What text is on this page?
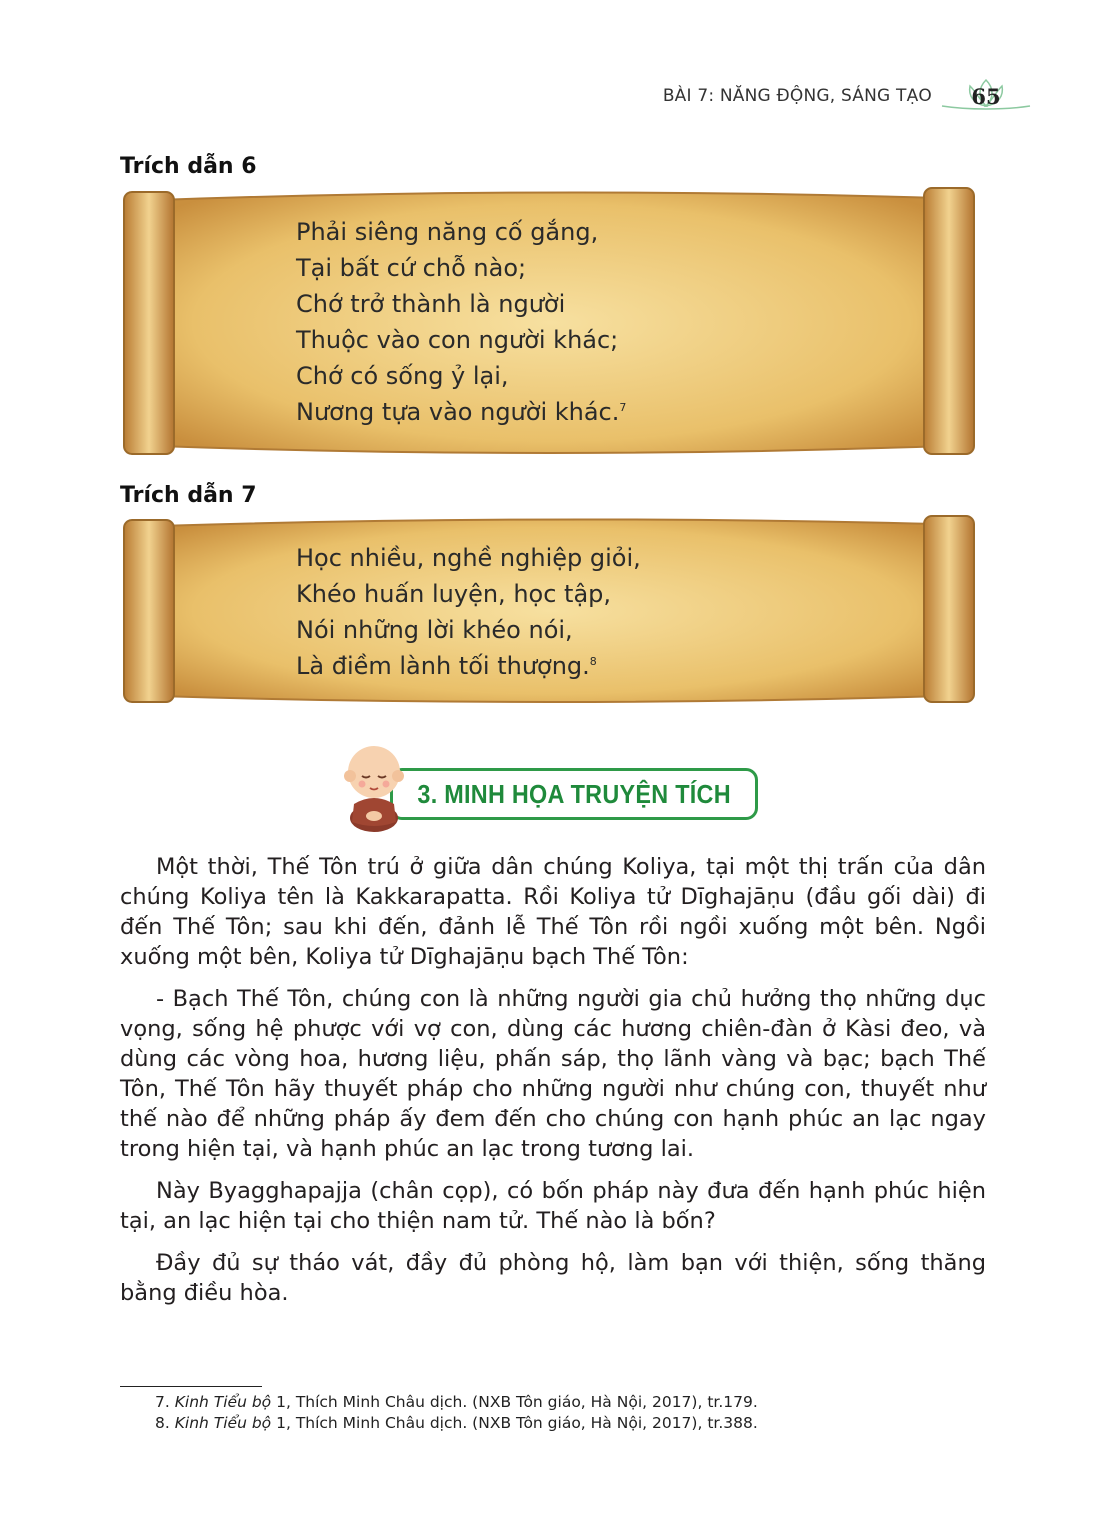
BÀI 7: NĂNG ĐỘNG, SÁNG TẠO 65
Trích dẫn 6
Phải siêng năng cố gắng,
Tại bất cứ chỗ nào;
Chớ trở thành là người
Thuộc vào con người khác;
Chớ có sống ỷ lại,
Nương tựa vào người khác.$^7$
Trích dẫn 7
Học nhiều, nghề nghiệp giỏi,
Khéo huấn luyện, học tập,
Nói những lời khéo nói,
Là điềm lành tối thượng.$^8$
3. MINH HỌA TRUYỆN TÍCH

Một thời, Thế Tôn trú ở giữa dân chúng Koliya, tại một thị trấn của dân chúng Koliya tên là Kakkarapatta. Rồi Koliya tử Dīghajāṇu (đầu gối dài) đi đến Thế Tôn; sau khi đến, đảnh lễ Thế Tôn rồi ngồi xuống một bên. Ngồi xuống một bên, Koliya tử Dīghajāṇu bạch Thế Tôn:

- Bạch Thế Tôn, chúng con là những người gia chủ hưởng thọ những dục vọng, sống hệ phược với vợ con, dùng các hương chiên-đàn ở Kàsi đeo, và dùng các vòng hoa, hương liệu, phấn sáp, thọ lãnh vàng và bạc; bạch Thế Tôn, Thế Tôn hãy thuyết pháp cho những người như chúng con, thuyết như thế nào để những pháp ấy đem đến cho chúng con hạnh phúc an lạc ngay trong hiện tại, và hạnh phúc an lạc trong tương lai.

Này Byagghapajja (chân cọp), có bốn pháp này đưa đến hạnh phúc hiện tại, an lạc hiện tại cho thiện nam tử. Thế nào là bốn?

Đầy đủ sự tháo vát, đầy đủ phòng hộ, làm bạn với thiện, sống thăng bằng điều hòa.

7. Kinh Tiểu bộ 1, Thích Minh Châu dịch. (NXB Tôn giáo, Hà Nội, 2017), tr.179.
8. Kinh Tiểu bộ 1, Thích Minh Châu dịch. (NXB Tôn giáo, Hà Nội, 2017), tr.388.
